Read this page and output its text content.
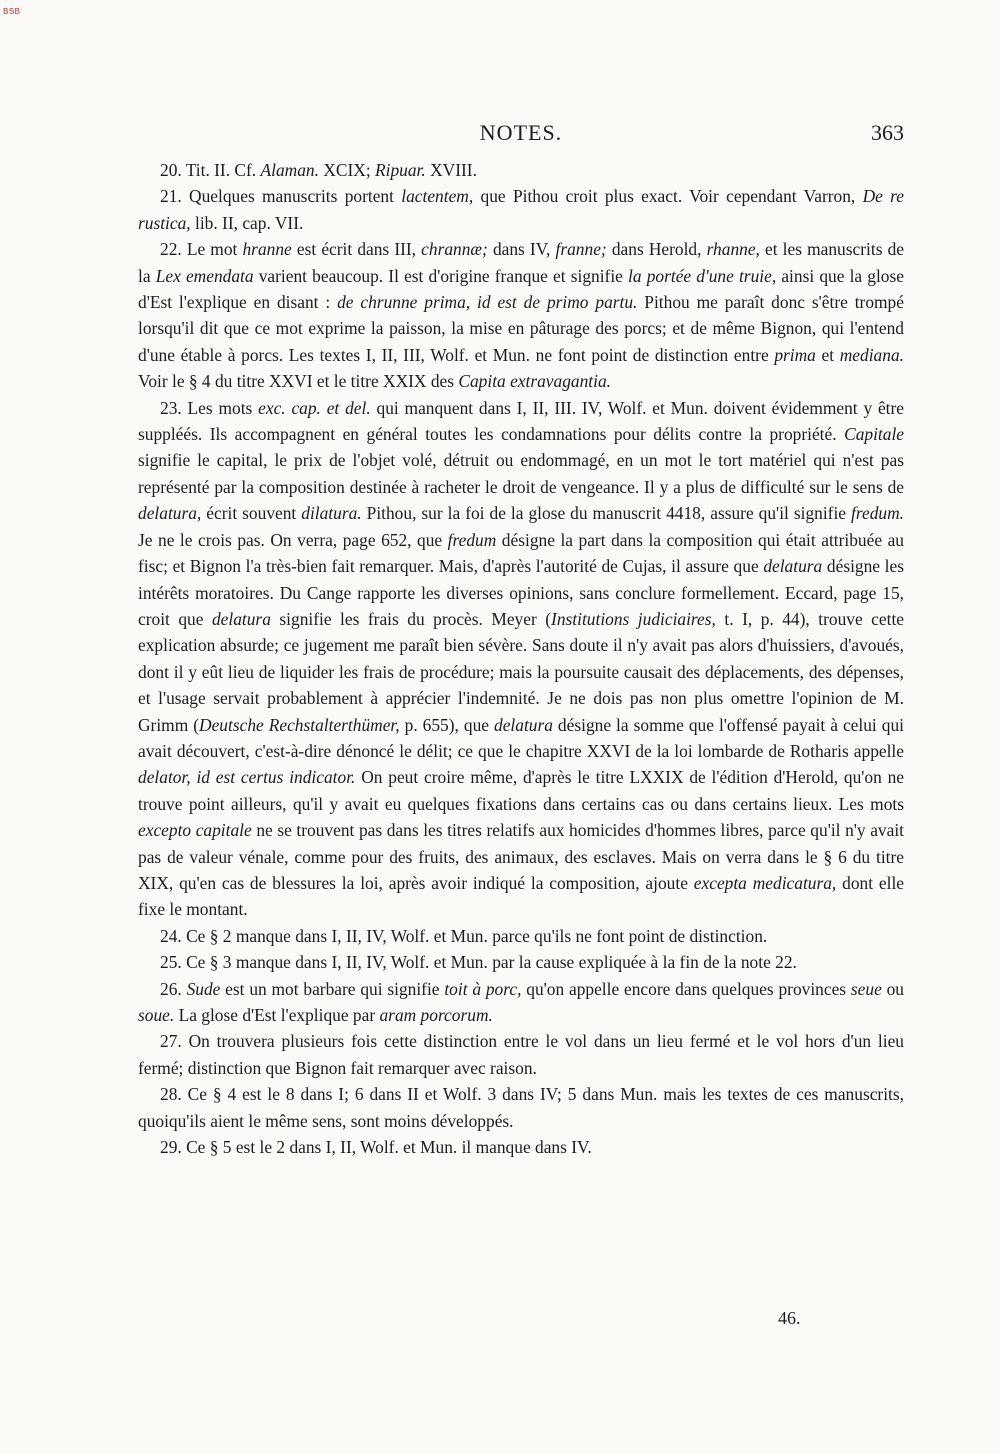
BSB
NOTES.	363

20. Tit. II. Cf. Alaman. XCIX; Ripuar. XVIII.

21. Quelques manuscrits portent lactentem, que Pithou croit plus exact. Voir cependant Varron, De re rustica, lib. II, cap. VII.

22. Le mot hranne est écrit dans III, chrannæ; dans IV, franne; dans Herold, rhanne, et les manuscrits de la Lex emendata varient beaucoup. Il est d'origine franque et signifie la portée d'une truie, ainsi que la glose d'Est l'explique en disant : de chrunne prima, id est de primo partu. Pithou me paraît donc s'être trompé lorsqu'il dit que ce mot exprime la paisson, la mise en pâturage des porcs; et de même Bignon, qui l'entend d'une étable à porcs. Les textes I, II, III, Wolf. et Mun. ne font point de distinction entre prima et mediana. Voir le § 4 du titre XXVI et le titre XXIX des Capita extravagantia.

23. Les mots exc. cap. et del. qui manquent dans I, II, III. IV, Wolf. et Mun. doivent évidemment y être suppléés. Ils accompagnent en général toutes les condamnations pour délits contre la propriété. Capitale signifie le capital, le prix de l'objet volé, détruit ou endommagé, en un mot le tort matériel qui n'est pas représenté par la composition destinée à racheter le droit de vengeance. Il y a plus de difficulté sur le sens de delatura, écrit souvent dilatura. Pithou, sur la foi de la glose du manuscrit 4418, assure qu'il signifie fredum. Je ne le crois pas. On verra, page 652, que fredum désigne la part dans la composition qui était attribuée au fisc; et Bignon l'a très-bien fait remarquer. Mais, d'après l'autorité de Cujas, il assure que delatura désigne les intérêts moratoires. Du Cange rapporte les diverses opinions, sans conclure formellement. Eccard, page 15, croit que delatura signifie les frais du procès. Meyer (Institutions judiciaires, t. I, p. 44), trouve cette explication absurde; ce jugement me paraît bien sévère. Sans doute il n'y avait pas alors d'huissiers, d'avoués, dont il y eût lieu de liquider les frais de procédure; mais la poursuite causait des déplacements, des dépenses, et l'usage servait probablement à apprécier l'indemnité. Je ne dois pas non plus omettre l'opinion de M. Grimm (Deutsche Rechstalterthümer, p. 655), que delatura désigne la somme que l'offensé payait à celui qui avait découvert, c'est-à-dire dénoncé le délit; ce que le chapitre XXVI de la loi lombarde de Rotharis appelle delator, id est certus indicator. On peut croire même, d'après le titre LXXIX de l'édition d'Herold, qu'on ne trouve point ailleurs, qu'il y avait eu quelques fixations dans certains cas ou dans certains lieux. Les mots excepto capitale ne se trouvent pas dans les titres relatifs aux homicides d'hommes libres, parce qu'il n'y avait pas de valeur vénale, comme pour des fruits, des animaux, des esclaves. Mais on verra dans le § 6 du titre XIX, qu'en cas de blessures la loi, après avoir indiqué la composition, ajoute excepta medicatura, dont elle fixe le montant.

24. Ce § 2 manque dans I, II, IV, Wolf. et Mun. parce qu'ils ne font point de distinction.

25. Ce § 3 manque dans I, II, IV, Wolf. et Mun. par la cause expliquée à la fin de la note 22.

26. Sude est un mot barbare qui signifie toit à porc, qu'on appelle encore dans quelques provinces seue ou soue. La glose d'Est l'explique par aram porcorum.

27. On trouvera plusieurs fois cette distinction entre le vol dans un lieu fermé et le vol hors d'un lieu fermé; distinction que Bignon fait remarquer avec raison.

28. Ce § 4 est le 8 dans I; 6 dans II et Wolf. 3 dans IV; 5 dans Mun. mais les textes de ces manuscrits, quoiqu'ils aient le même sens, sont moins développés.

29. Ce § 5 est le 2 dans I, II, Wolf. et Mun. il manque dans IV.

46.
